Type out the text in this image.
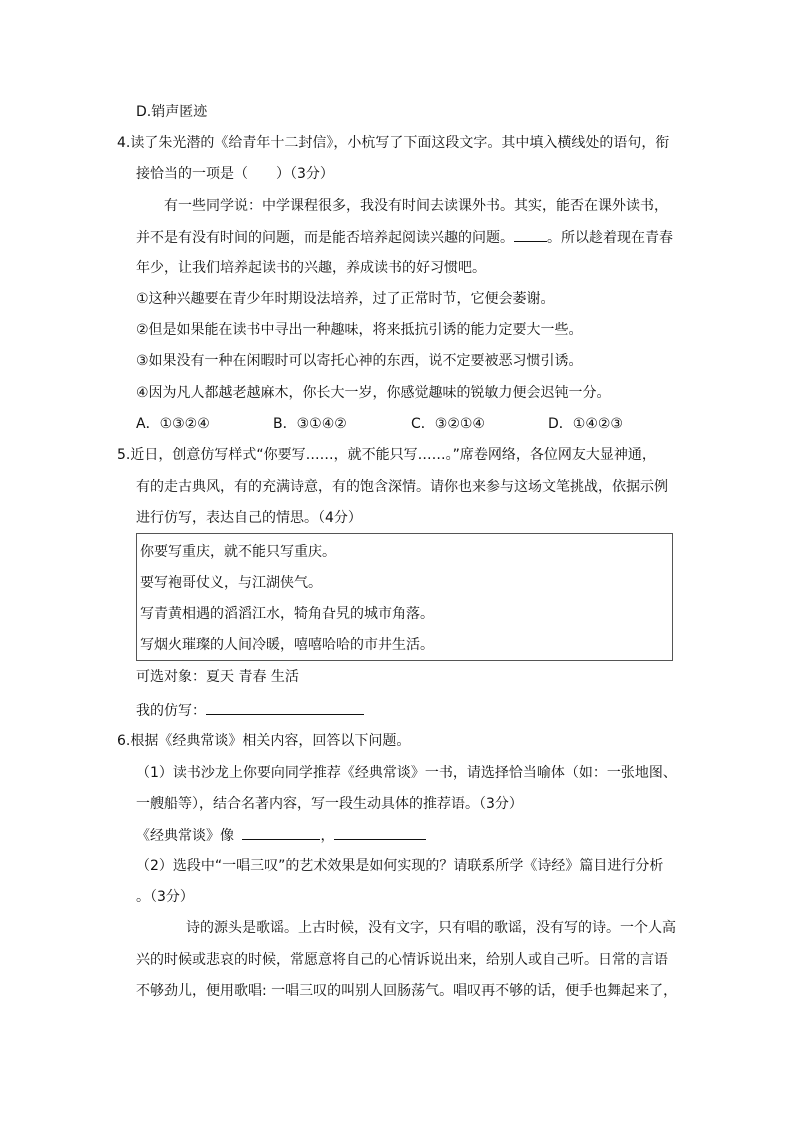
D.销声匿迹
4.读了朱光潜的《给青年十二封信》，小杭写了下面这段文字。其中填入横线处的语句，衔
接恰当的一项是（　　）（3分）
有一些同学说：中学课程很多，我没有时间去读课外书。其实，能否在课外读书，
并不是有没有时间的问题，而是能否培养起阅读兴趣的问题。 。所以趁着现在青春
年少，让我们培养起读书的兴趣，养成读书的好习惯吧。
①这种兴趣要在青少年时期设法培养，过了正常时节，它便会萎谢。
②但是如果能在读书中寻出一种趣味，将来抵抗引诱的能力定要大一些。
③如果没有一种在闲暇时可以寄托心神的东西，说不定要被恶习惯引诱。
④因为凡人都越老越麻木，你长大一岁，你感觉趣味的锐敏力便会迟钝一分。
A．①③②④	B．③①④②	C．③②①④	D．①④②③
5.近日，创意仿写样式“你要写……，就不能只写……。”席卷网络，各位网友大显神通，
有的走古典风，有的充满诗意，有的饱含深情。请你也来参与这场文笔挑战，依据示例
进行仿写，表达自己的情思。（4分）
你要写重庆，就不能只写重庆。
要写袍哥仗义，与江湖侠气。
写青黄相遇的滔滔江水，犄角旮旯的城市角落。
写烟火璀璨的人间冷暖，嘻嘻哈哈的市井生活。
可选对象：夏天 青春 生活
我的仿写：
6.根据《经典常谈》相关内容，回答以下问题。
（1）读书沙龙上你要向同学推荐《经典常谈》一书，请选择恰当喻体（如：一张地图、
一艘船等），结合名著内容，写一段生动具体的推荐语。（3分）
《经典常谈》像	，
（2）选段中“一唱三叹”的艺术效果是如何实现的？请联系所学《诗经》篇目进行分析
。（3分）
诗的源头是歌谣。上古时候，没有文字，只有唱的歌谣，没有写的诗。一个人高
兴的时候或悲哀的时候，常愿意将自己的心情诉说出来，给别人或自己听。日常的言语
不够劲儿，便用歌唱: 一唱三叹的叫别人回肠荡气。唱叹再不够的话，便手也舞起来了，
